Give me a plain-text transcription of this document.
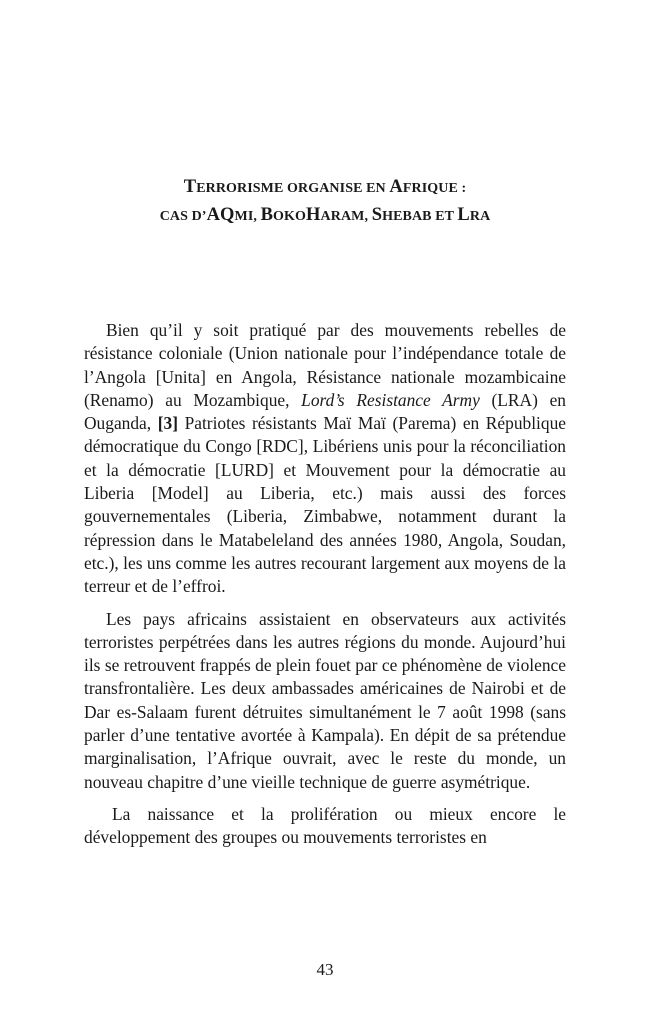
TERRORISME ORGANISE EN AFRIQUE :
CAS D’AQMI, BOKOHARAM, SHEBAB ET LRA

Bien qu’il y soit pratiqué par des mouvements rebelles de résistance coloniale (Union nationale pour l’indépendance totale de l’Angola [Unita] en Angola, Résistance nationale mozambicaine (Renamo) au Mozambique, Lord’s Resistance Army (LRA) en Ouganda, [3] Patriotes résistants Maï Maï (Parema) en République démocratique du Congo [RDC], Libériens unis pour la réconciliation et la démocratie [LURD] et Mouvement pour la démocratie au Liberia [Model] au Liberia, etc.) mais aussi des forces gouvernementales (Liberia, Zimbabwe, notamment durant la répression dans le Matabeleland des années 1980, Angola, Soudan, etc.), les uns comme les autres recourant largement aux moyens de la terreur et de l’effroi.

Les pays africains assistaient en observateurs aux activités terroristes perpétrées dans les autres régions du monde. Aujourd’hui ils se retrouvent frappés de plein fouet par ce phénomène de violence transfrontalière. Les deux ambassades américaines de Nairobi et de Dar es-Salaam furent détruites simultanément le 7 août 1998 (sans parler d’une tentative avortée à Kampala). En dépit de sa prétendue marginalisation, l’Afrique ouvrait, avec le reste du monde, un nouveau chapitre d’une vieille technique de guerre asymétrique.

La naissance et la prolifération ou mieux encore le développement des groupes ou mouvements terroristes en

43
